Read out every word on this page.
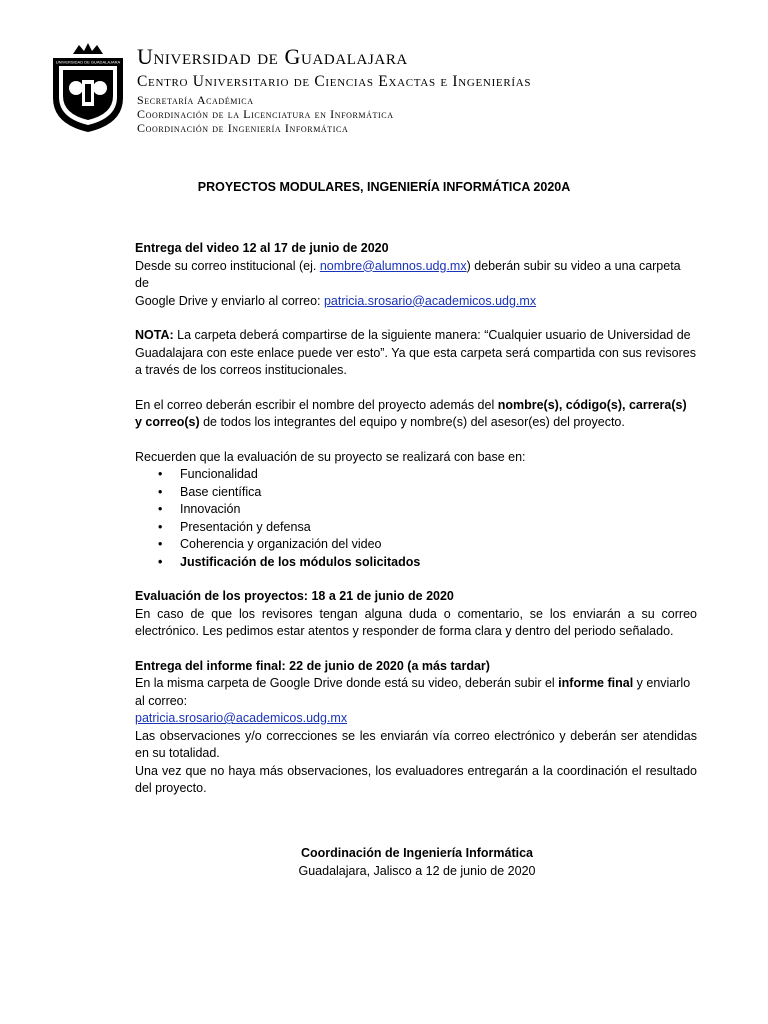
UNIVERSIDAD DE GUADALAJARA Universidad de Guadalajara
Centro Universitario de Ciencias Exactas e Ingenierías
Secretaría Académica
Coordinación de la Licenciatura en Informática
Coordinación de Ingeniería Informática
PROYECTOS MODULARES, INGENIERÍA INFORMÁTICA 2020A

Entrega del video 12 al 17 de junio de 2020

Desde su correo institucional (ej. nombre@alumnos.udg.mx) deberán subir su video a una carpeta de
Google Drive y enviarlo al correo: patricia.srosario@academicos.udg.mx

NOTA: La carpeta deberá compartirse de la siguiente manera: “Cualquier usuario de Universidad de Guadalajara con este enlace puede ver esto”. Ya que esta carpeta será compartida con sus revisores a través de los correos institucionales.

En el correo deberán escribir el nombre del proyecto además del nombre(s), código(s), carrera(s) y correo(s) de todos los integrantes del equipo y nombre(s) del asesor(es) del proyecto.

Recuerden que la evaluación de su proyecto se realizará con base en:

• Funcionalidad
• Base científica
• Innovación
• Presentación y defensa
• Coherencia y organización del video
• Justificación de los módulos solicitados

Evaluación de los proyectos: 18 a 21 de junio de 2020

En caso de que los revisores tengan alguna duda o comentario, se los enviarán a su correo electrónico. Les pedimos estar atentos y responder de forma clara y dentro del periodo señalado.

Entrega del informe final: 22 de junio de 2020 (a más tardar)

En la misma carpeta de Google Drive donde está su video, deberán subir el informe final y enviarlo al correo:

patricia.srosario@academicos.udg.mx

Las observaciones y/o correcciones se les enviarán vía correo electrónico y deberán ser atendidas en su totalidad.

Una vez que no haya más observaciones, los evaluadores entregarán a la coordinación el resultado del proyecto.

Coordinación de Ingeniería Informática
Guadalajara, Jalisco a 12 de junio de 2020
